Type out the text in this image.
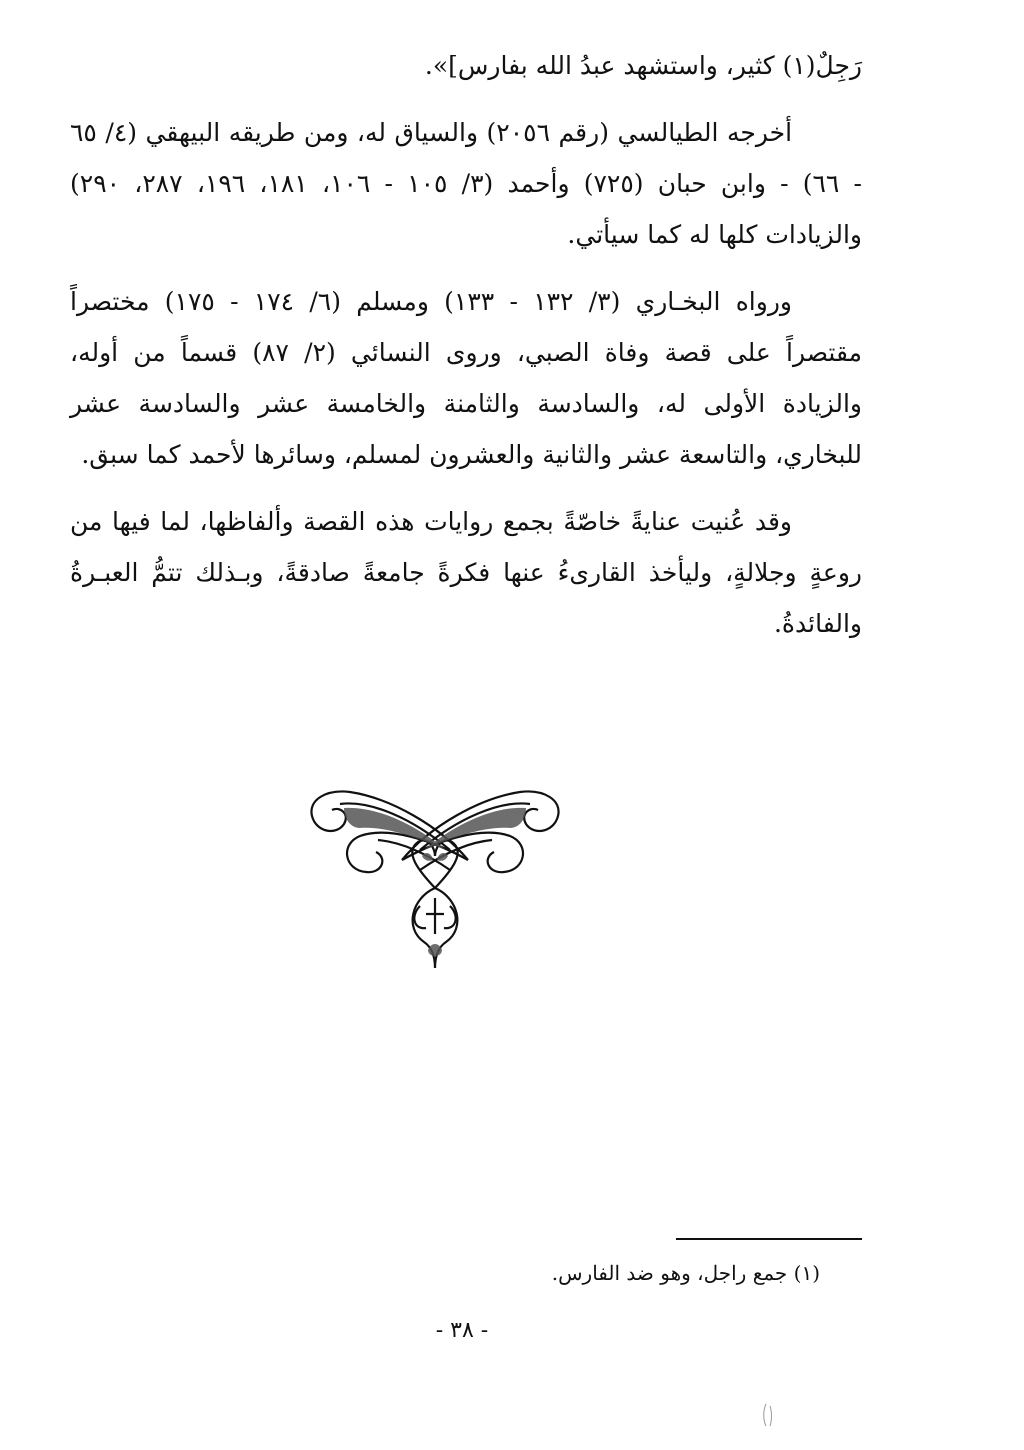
رَجِلٌ(١) كثير، واستشهد عبدُ الله بفارس]».

أخرجه الطيالسي (رقم ٢٠٥٦) والسياق له، ومن طريقه البيهقي (٤/ ٦٥ - ٦٦) - وابن حبان (٧٢٥) وأحمد (٣/ ١٠٥ - ١٠٦، ١٨١، ١٩٦، ٢٨٧، ٢٩٠) والزيادات كلها له كما سيأتي.

ورواه البخـاري (٣/ ١٣٢ - ١٣٣) ومسلم (٦/ ١٧٤ - ١٧٥) مختصراً مقتصراً على قصة وفاة الصبي، وروى النسائي (٢/ ٨٧) قسماً من أوله، والزيادة الأولى له، والسادسة والثامنة والخامسة عشر والسادسة عشر للبخاري، والتاسعة عشر والثانية والعشرون لمسلم، وسائرها لأحمد كما سبق.

وقد عُنيت عنايةً خاصّةً بجمع روايات هذه القصة وألفاظها، لما فيها من روعةٍ وجلالةٍ، وليأخذ القارىءُ عنها فكرةً جامعةً صادقةً، وبـذلك تتمُّ العبـرةُ والفائدةُ.

(١) جمع راجل، وهو ضد الفارس.
- ٣٨ -
